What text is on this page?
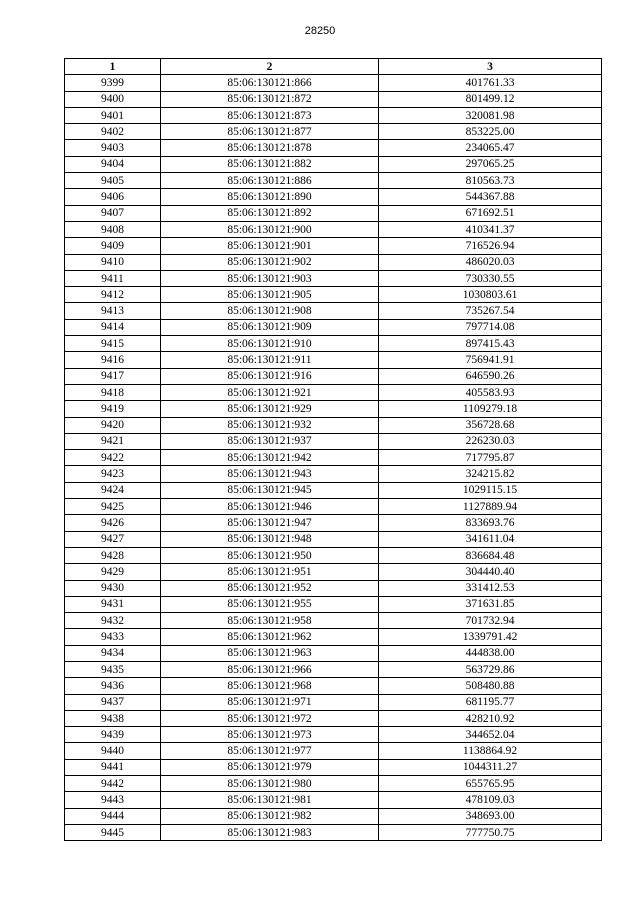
28250
1	2	3
9399	85:06:130121:866	401761.33
9400	85:06:130121:872	801499.12
9401	85:06:130121:873	320081.98
9402	85:06:130121:877	853225.00
9403	85:06:130121:878	234065.47
9404	85:06:130121:882	297065.25
9405	85:06:130121:886	810563.73
9406	85:06:130121:890	544367.88
9407	85:06:130121:892	671692.51
9408	85:06:130121:900	410341.37
9409	85:06:130121:901	716526.94
9410	85:06:130121:902	486020.03
9411	85:06:130121:903	730330.55
9412	85:06:130121:905	1030803.61
9413	85:06:130121:908	735267.54
9414	85:06:130121:909	797714.08
9415	85:06:130121:910	897415.43
9416	85:06:130121:911	756941.91
9417	85:06:130121:916	646590.26
9418	85:06:130121:921	405583.93
9419	85:06:130121:929	1109279.18
9420	85:06:130121:932	356728.68
9421	85:06:130121:937	226230.03
9422	85:06:130121:942	717795.87
9423	85:06:130121:943	324215.82
9424	85:06:130121:945	1029115.15
9425	85:06:130121:946	1127889.94
9426	85:06:130121:947	833693.76
9427	85:06:130121:948	341611.04
9428	85:06:130121:950	836684.48
9429	85:06:130121:951	304440.40
9430	85:06:130121:952	331412.53
9431	85:06:130121:955	371631.85
9432	85:06:130121:958	701732.94
9433	85:06:130121:962	1339791.42
9434	85:06:130121:963	444838.00
9435	85:06:130121:966	563729.86
9436	85:06:130121:968	508480.88
9437	85:06:130121:971	681195.77
9438	85:06:130121:972	428210.92
9439	85:06:130121:973	344652.04
9440	85:06:130121:977	1138864.92
9441	85:06:130121:979	1044311.27
9442	85:06:130121:980	655765.95
9443	85:06:130121:981	478109.03
9444	85:06:130121:982	348693.00
9445	85:06:130121:983	777750.75
